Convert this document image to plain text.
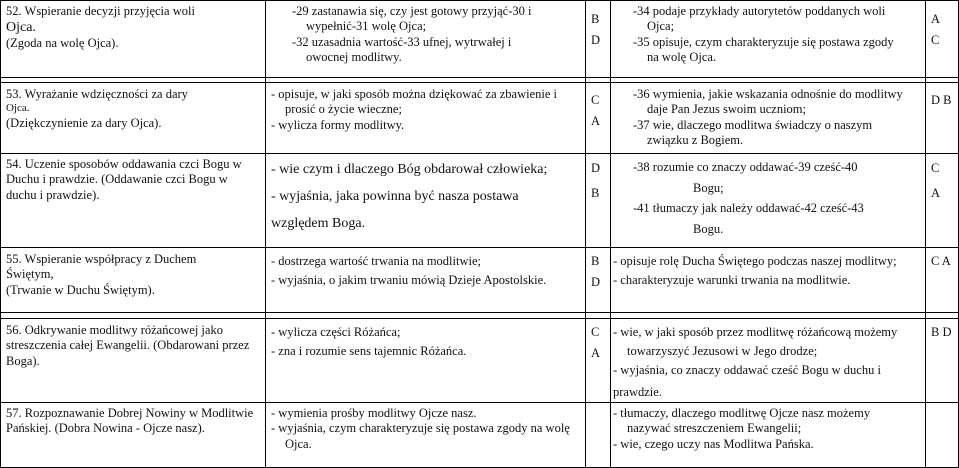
52. Wspieranie decyzji przyjęcia woli
Ojca.
(Zgoda na wolę Ojca).
-29 zastanawia się, czy jest gotowy przyjąć-30 i
wypełnić-31 wolę Ojca;
-32 uzasadnia wartość-33 ufnej, wytrwałej i
owocnej modlitwy.
B
D
-34 podaje przykłady autorytetów poddanych woli
Ojca;
-35 opisuje, czym charakteryzuje się postawa zgody
na wolę Ojca.
A
C
53. Wyrażanie wdzięczności za dary
Ojca.
(Dziękczynienie za dary Ojca).
- opisuje, w jaki sposób można dziękować za zbawienie i
prosić o życie wieczne;
- wylicza formy modlitwy.
C
A
-36 wymienia, jakie wskazania odnośnie do modlitwy
daje Pan Jezus swoim uczniom;
-37 wie, dlaczego modlitwa świadczy o naszym
związku z Bogiem.
D B
54. Uczenie sposobów oddawania czci Bogu w
Duchu i prawdzie. (Oddawanie czci Bogu w
duchu i prawdzie).
- wie czym i dlaczego Bóg obdarował człowieka;
- wyjaśnia, jaka powinna być nasza postawa
względem Boga.
D
B
-38 rozumie co znaczy oddawać-39 cześć-40
Bogu;
-41 tłumaczy jak należy oddawać-42 cześć-43
Bogu.
C
A
55. Wspieranie współpracy z Duchem
Świętym,
(Trwanie w Duchu Świętym).
- dostrzega wartość trwania na modlitwie;
- wyjaśnia, o jakim trwaniu mówią Dzieje Apostolskie.
B
D
- opisuje rolę Ducha Świętego podczas naszej modlitwy;
- charakteryzuje warunki trwania na modlitwie.
C A
56. Odkrywanie modlitwy różańcowej jako
streszczenia całej Ewangelii. (Obdarowani przez
Boga).
- wylicza części Różańca;
- zna i rozumie sens tajemnic Różańca.
C
A
- wie, w jaki sposób przez modlitwę różańcową możemy
towarzyszyć Jezusowi w Jego drodze;
- wyjaśnia, co znaczy oddawać cześć Bogu w duchu i
prawdzie.
B D
57. Rozpoznawanie Dobrej Nowiny w Modlitwie
Pańskiej. (Dobra Nowina - Ojcze nasz).
- wymienia prośby modlitwy Ojcze nasz.
- wyjaśnia, czym charakteryzuje się postawa zgody na wolę
Ojca.
- tłumaczy, dlaczego modlitwę Ojcze nasz możemy
nazywać streszczeniem Ewangelii;
- wie, czego uczy nas Modlitwa Pańska.
